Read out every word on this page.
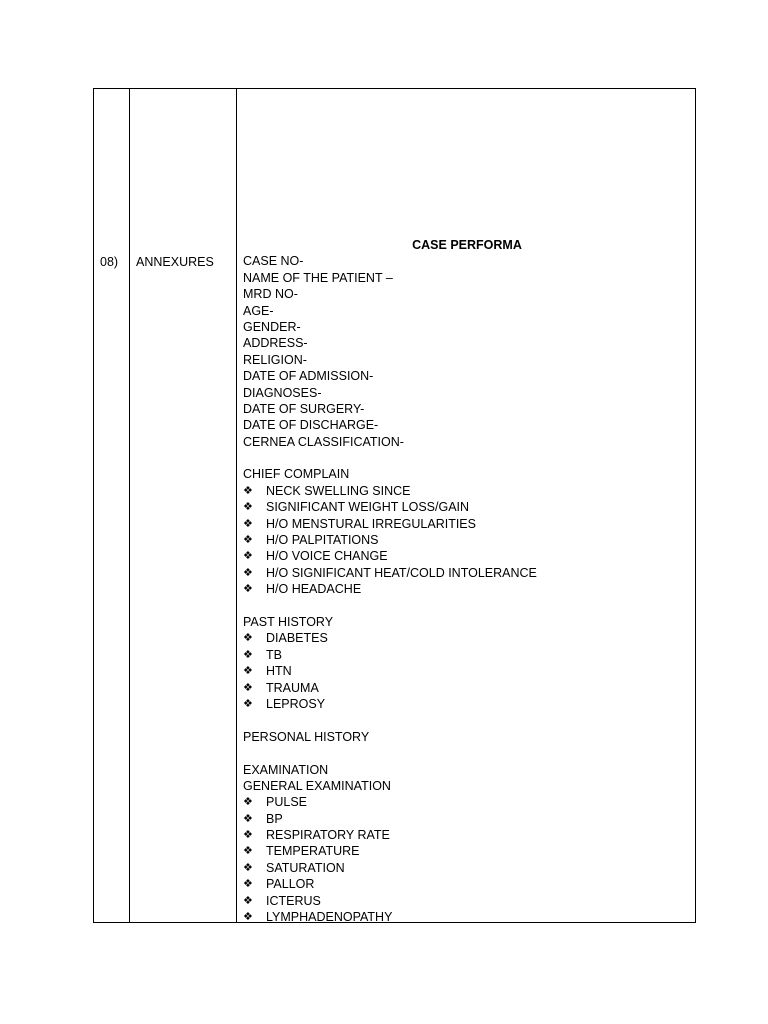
08) ANNEXURES
CASE PERFORMA
CASE NO-
NAME OF THE PATIENT –
MRD NO-
AGE-
GENDER-
ADDRESS-
RELIGION-
DATE OF ADMISSION-
DIAGNOSES-
DATE OF SURGERY-
DATE OF DISCHARGE-
CERNEA CLASSIFICATION-
CHIEF COMPLAIN
❖	NECK SWELLING SINCE
❖	SIGNIFICANT WEIGHT LOSS/GAIN
❖	H/O MENSTURAL IRREGULARITIES
❖	H/O PALPITATIONS
❖	H/O VOICE CHANGE
❖	H/O SIGNIFICANT HEAT/COLD INTOLERANCE
❖	H/O HEADACHE
PAST HISTORY
❖	DIABETES
❖	TB
❖	HTN
❖	TRAUMA
❖	LEPROSY
PERSONAL HISTORY
EXAMINATION
GENERAL EXAMINATION
❖	PULSE
❖	BP
❖	RESPIRATORY RATE
❖	TEMPERATURE
❖	SATURATION
❖	PALLOR
❖	ICTERUS
❖	LYMPHADENOPATHY
